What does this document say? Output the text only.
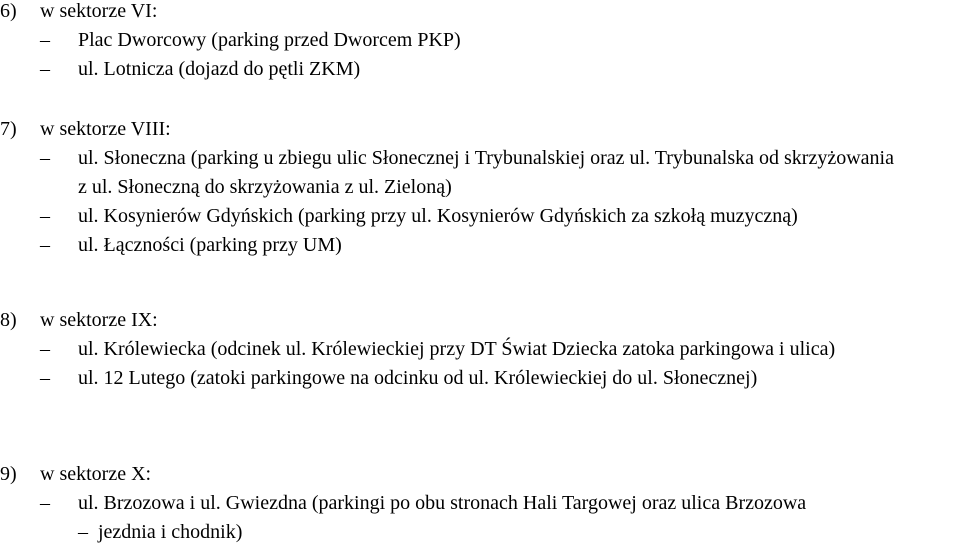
6) w sektorze VI:
– Plac Dworcowy (parking przed Dworcem PKP)
– ul. Lotnicza (dojazd do pętli ZKM)
7) w sektorze VIII:
– ul. Słoneczna (parking u zbiegu ulic Słonecznej i Trybunalskiej oraz ul. Trybunalska od skrzyżowania z ul. Słoneczną do skrzyżowania z ul. Zieloną)
– ul. Kosynierów Gdyńskich (parking przy ul. Kosynierów Gdyńskich za szkołą muzyczną)
– ul. Łączności (parking przy UM)
8) w sektorze IX:
– ul. Królewiecka (odcinek ul. Królewieckiej przy DT Świat Dziecka zatoka parkingowa i ulica)
– ul. 12 Lutego (zatoki parkingowe na odcinku od ul. Królewieckiej do ul. Słonecznej)
9) w sektorze X:
– ul. Brzozowa i ul. Gwiezdna (parkingi po obu stronach Hali Targowej oraz ulica Brzozowa
– jezdnia i chodnik)
